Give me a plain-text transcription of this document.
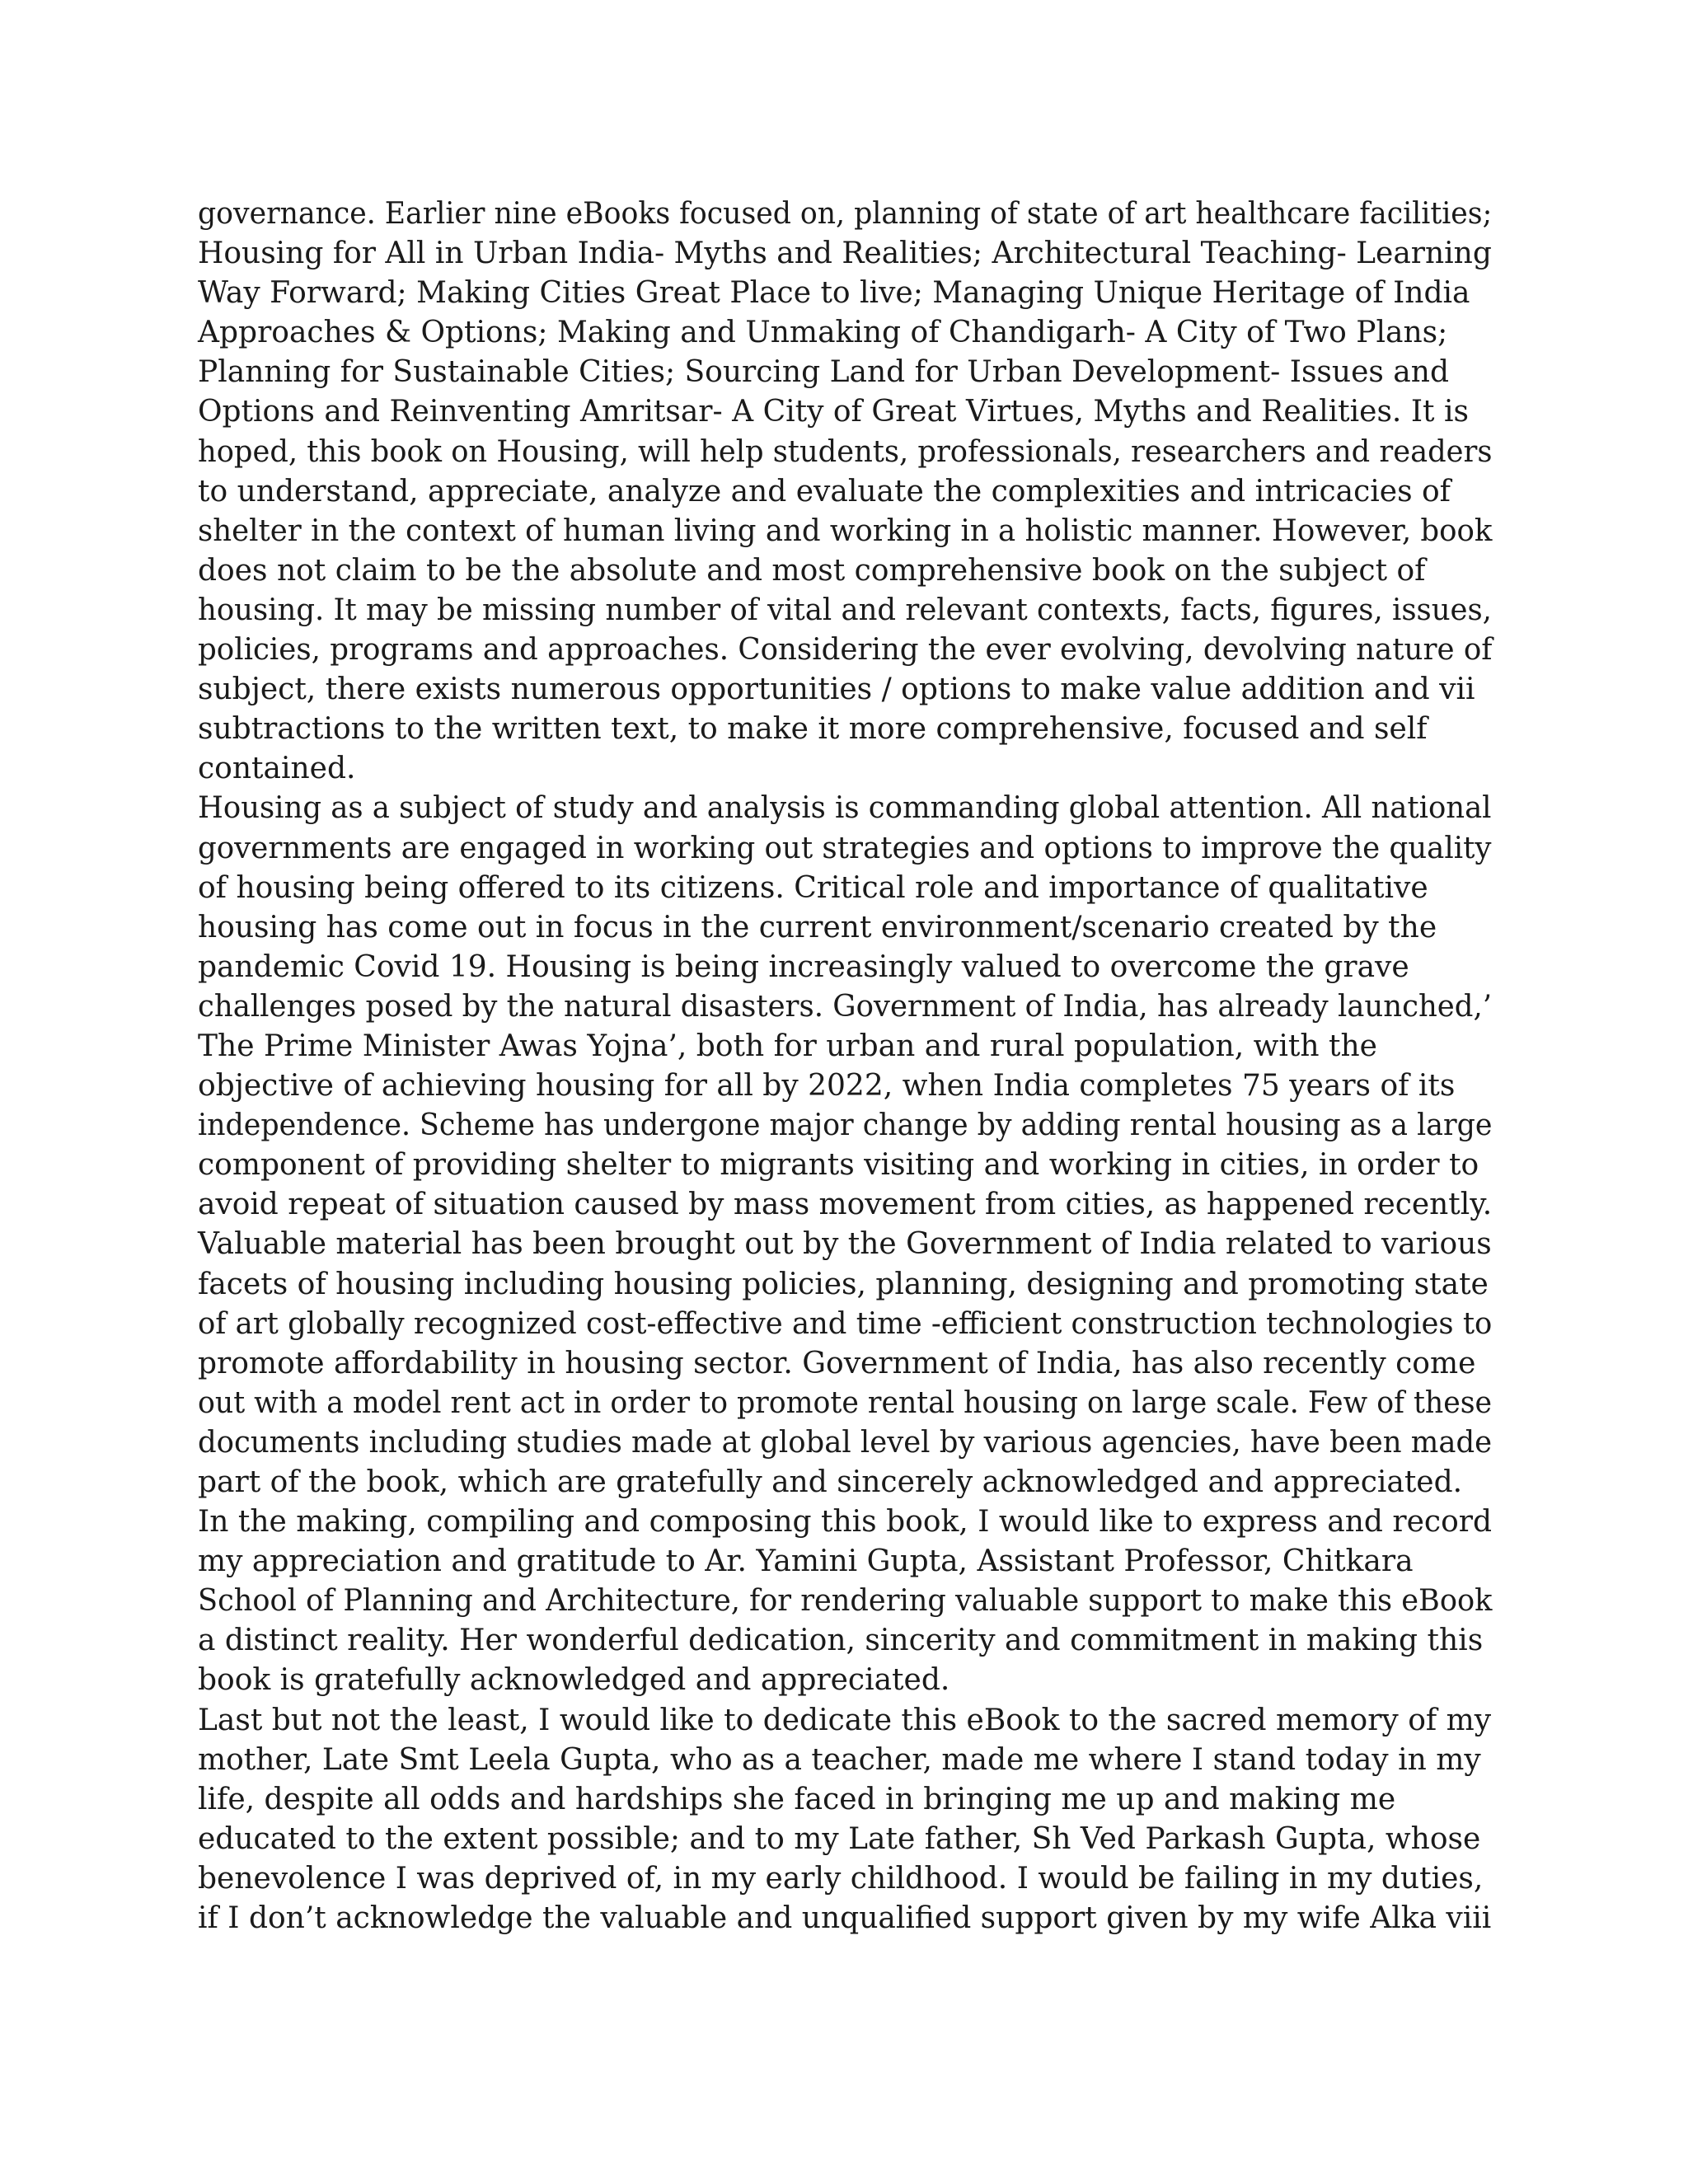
governance. Earlier nine eBooks focused on, planning of state of art healthcare facilities;
Housing for All in Urban India- Myths and Realities; Architectural Teaching- Learning
Way Forward; Making Cities Great Place to live; Managing Unique Heritage of India
Approaches & Options; Making and Unmaking of Chandigarh- A City of Two Plans;
Planning for Sustainable Cities; Sourcing Land for Urban Development- Issues and
Options and Reinventing Amritsar- A City of Great Virtues, Myths and Realities. It is
hoped, this book on Housing, will help students, professionals, researchers and readers
to understand, appreciate, analyze and evaluate the complexities and intricacies of
shelter in the context of human living and working in a holistic manner. However, book
does not claim to be the absolute and most comprehensive book on the subject of
housing. It may be missing number of vital and relevant contexts, facts, figures, issues,
policies, programs and approaches. Considering the ever evolving, devolving nature of
subject, there exists numerous opportunities / options to make value addition and vii
subtractions to the written text, to make it more comprehensive, focused and self
contained.
Housing as a subject of study and analysis is commanding global attention. All national
governments are engaged in working out strategies and options to improve the quality
of housing being offered to its citizens. Critical role and importance of qualitative
housing has come out in focus in the current environment/scenario created by the
pandemic Covid 19. Housing is being increasingly valued to overcome the grave
challenges posed by the natural disasters. Government of India, has already launched,’
The Prime Minister Awas Yojna’, both for urban and rural population, with the
objective of achieving housing for all by 2022, when India completes 75 years of its
independence. Scheme has undergone major change by adding rental housing as a large
component of providing shelter to migrants visiting and working in cities, in order to
avoid repeat of situation caused by mass movement from cities, as happened recently.
Valuable material has been brought out by the Government of India related to various
facets of housing including housing policies, planning, designing and promoting state
of art globally recognized cost-effective and time -efficient construction technologies to
promote affordability in housing sector. Government of India, has also recently come
out with a model rent act in order to promote rental housing on large scale. Few of these
documents including studies made at global level by various agencies, have been made
part of the book, which are gratefully and sincerely acknowledged and appreciated.
In the making, compiling and composing this book, I would like to express and record
my appreciation and gratitude to Ar. Yamini Gupta, Assistant Professor, Chitkara
School of Planning and Architecture, for rendering valuable support to make this eBook
a distinct reality. Her wonderful dedication, sincerity and commitment in making this
book is gratefully acknowledged and appreciated.
Last but not the least, I would like to dedicate this eBook to the sacred memory of my
mother, Late Smt Leela Gupta, who as a teacher, made me where I stand today in my
life, despite all odds and hardships she faced in bringing me up and making me
educated to the extent possible; and to my Late father, Sh Ved Parkash Gupta, whose
benevolence I was deprived of, in my early childhood. I would be failing in my duties,
if I don’t acknowledge the valuable and unqualified support given by my wife Alka viii
